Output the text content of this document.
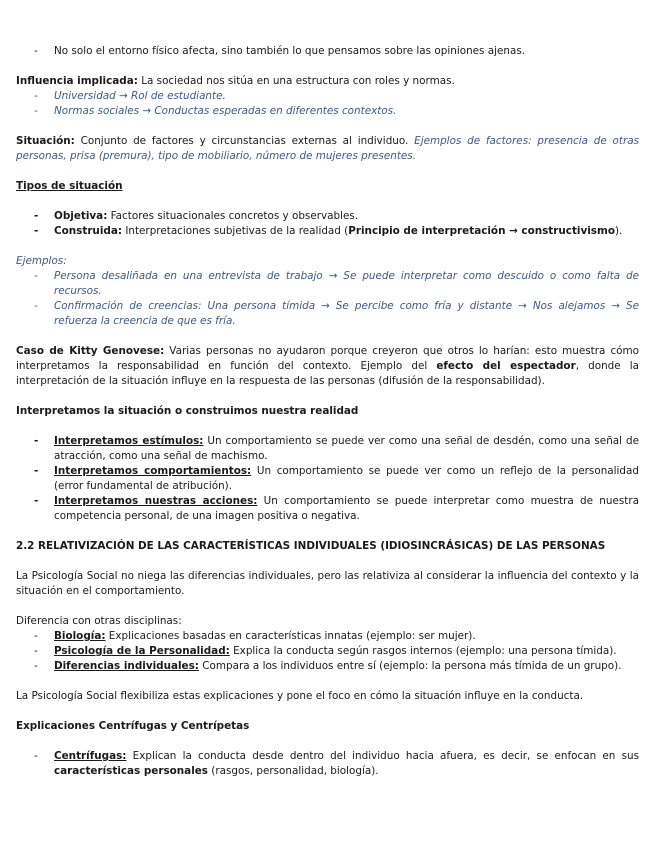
- No solo el entorno físico afecta, sino también lo que pensamos sobre las opiniones ajenas.

Influencia implicada: La sociedad nos sitúa en una estructura con roles y normas.

- Universidad → Rol de estudiante.
- Normas sociales → Conductas esperadas en diferentes contextos.

Situación: Conjunto de factores y circunstancias externas al individuo. Ejemplos de factores: presencia de otras personas, prisa (premura), tipo de mobiliario, número de mujeres presentes.

Tipos de situación

- Objetiva: Factores situacionales concretos y observables.
- Construida: Interpretaciones subjetivas de la realidad (Principio de interpretación → constructivismo).

Ejemplos:

- Persona desaliñada en una entrevista de trabajo → Se puede interpretar como descuido o como falta de recursos.
- Confirmación de creencias: Una persona tímida → Se percibe como fría y distante → Nos alejamos → Se refuerza la creencia de que es fría.

Caso de Kitty Genovese: Varias personas no ayudaron porque creyeron que otros lo harían: esto muestra cómo interpretamos la responsabilidad en función del contexto. Ejemplo del efecto del espectador, donde la interpretación de la situación influye en la respuesta de las personas (difusión de la responsabilidad).

Interpretamos la situación o construimos nuestra realidad

- Interpretamos estímulos: Un comportamiento se puede ver como una señal de desdén, como una señal de atracción, como una señal de machismo.
- Interpretamos comportamientos: Un comportamiento se puede ver como un reflejo de la personalidad (error fundamental de atribución).
- Interpretamos nuestras acciones: Un comportamiento se puede interpretar como muestra de nuestra competencia personal, de una imagen positiva o negativa.

2.2 RELATIVIZACIÓN DE LAS CARACTERÍSTICAS INDIVIDUALES (IDIOSINCRÁSICAS) DE LAS PERSONAS

La Psicología Social no niega las diferencias individuales, pero las relativiza al considerar la influencia del contexto y la situación en el comportamiento.

Diferencia con otras disciplinas:

- Biología: Explicaciones basadas en características innatas (ejemplo: ser mujer).
- Psicología de la Personalidad: Explica la conducta según rasgos internos (ejemplo: una persona tímida).
- Diferencias individuales: Compara a los individuos entre sí (ejemplo: la persona más tímida de un grupo).

La Psicología Social flexibiliza estas explicaciones y pone el foco en cómo la situación influye en la conducta.

Explicaciones Centrífugas y Centrípetas

- Centrífugas: Explican la conducta desde dentro del individuo hacia afuera, es decir, se enfocan en sus características personales (rasgos, personalidad, biología).
